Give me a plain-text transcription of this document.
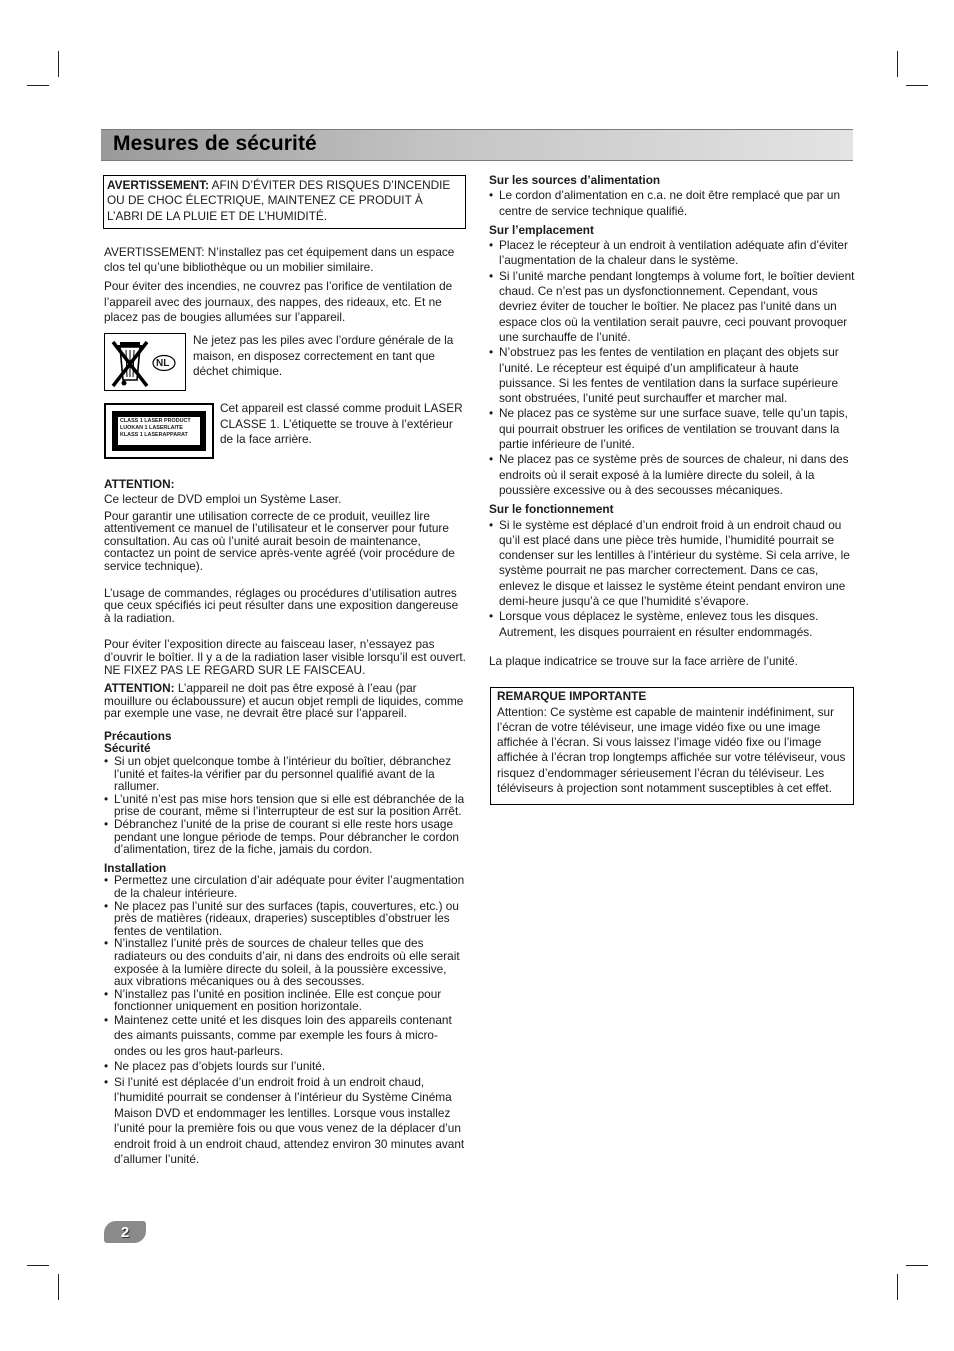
Mesures de sécurité
AVERTISSEMENT: AFIN D’ÉVITER DES RISQUES D’INCENDIE OU DE CHOC ÉLECTRIQUE, MAINTENEZ CE PRODUIT À L’ABRI DE LA PLUIE ET DE L’HUMIDITÉ.

AVERTISSEMENT: N’installez pas cet équipement dans un espace clos tel qu’une bibliothèque ou un mobilier similaire.

Pour éviter des incendies, ne couvrez pas l’orifice de ventilation de l’appareil avec des journaux, des nappes, des rideaux, etc. Et ne placez pas de bougies allumées sur l’appareil.

NL

Ne jetez pas les piles avec l’ordure générale de la maison, en disposez correctement en tant que déchet chimique.

CLASS 1 LASER PRODUCT
LUOKAN 1 LASERLAITE
KLASS 1 LASERAPPARAT

Cet appareil est classé comme produit LASER CLASSE 1. L’étiquette se trouve à l’extérieur de la face arrière.

ATTENTION:

Ce lecteur de DVD emploi un Système Laser.

Pour garantir une utilisation correcte de ce produit, veuillez lire attentivement ce manuel de l’utilisateur et le conserver pour future consultation. Au cas où l’unité aurait besoin de maintenance, contactez un point de service après-vente agréé (voir procédure de service technique).

L’usage de commandes, réglages ou procédures d’utilisation autres que ceux spécifiés ici peut résulter dans une exposition dangereuse à la radiation.

Pour éviter l’exposition directe au faisceau laser, n’essayez pas d’ouvrir le boîtier. Il y a de la radiation laser visible lorsqu’il est ouvert. NE FIXEZ PAS LE REGARD SUR LE FAISCEAU.

ATTENTION: L’appareil ne doit pas être exposé à l’eau (par mouillure ou éclaboussure) et aucun objet rempli de liquides, comme par exemple une vase, ne devrait être placé sur l’appareil.

Précautions

Sécurité

• Si un objet quelconque tombe à l’intérieur du boîtier, débranchez l’unité et faites-la vérifier par du personnel qualifié avant de la rallumer.
• L’unité n’est pas mise hors tension que si elle est débranchée de la prise de courant, même si l’interrupteur de est sur la position Arrêt.
• Débranchez l’unité de la prise de courant si elle reste hors usage pendant une longue période de temps. Pour débrancher le cordon d’alimentation, tirez de la fiche, jamais du cordon.

Installation

• Permettez une circulation d’air adéquate pour éviter l’augmentation de la chaleur intérieure.
• Ne placez pas l’unité sur des surfaces (tapis, couvertures, etc.) ou près de matières (rideaux, draperies) susceptibles d’obstruer les fentes de ventilation.
• N’installez l’unité près de sources de chaleur telles que des radiateurs ou des conduits d’air, ni dans des endroits où elle serait exposée à la lumière directe du soleil, à la poussière excessive, aux vibrations mécaniques ou à des secousses.
• N’installez pas l’unité en position inclinée. Elle est conçue pour fonctionner uniquement en position horizontale.
• Maintenez cette unité et les disques loin des appareils contenant des aimants puissants, comme par exemple les fours à micro-ondes ou les gros haut-parleurs.
• Ne placez pas d’objets lourds sur l’unité.
• Si l’unité est déplacée d’un endroit froid à un endroit chaud, l’humidité pourrait se condenser à l’intérieur du Système Cinéma Maison DVD et endommager les lentilles. Lorsque vous installez l’unité pour la première fois ou que vous venez de la déplacer d’un endroit froid à un endroit chaud, attendez environ 30 minutes avant d’allumer l’unité.

Sur les sources d’alimentation

• Le cordon d’alimentation en c.a. ne doit être remplacé que par un centre de service technique qualifié.

Sur l’emplacement

• Placez le récepteur à un endroit à ventilation adéquate afin d’éviter l’augmentation de la chaleur dans le système.
• Si l’unité marche pendant longtemps à volume fort, le boîtier devient chaud. Ce n’est pas un dysfonctionnement. Cependant, vous devriez éviter de toucher le boîtier. Ne placez pas l’unité dans un espace clos où la ventilation serait pauvre, ceci pouvant provoquer une surchauffe de l’unité.
• N’obstruez pas les fentes de ventilation en plaçant des objets sur l’unité. Le récepteur est équipé d’un amplificateur à haute puissance. Si les fentes de ventilation dans la surface supérieure sont obstruées, l’unité peut surchauffer et marcher mal.
• Ne placez pas ce système sur une surface suave, telle qu’un tapis, qui pourrait obstruer les orifices de ventilation se trouvant dans la partie inférieure de l’unité.
• Ne placez pas ce système près de sources de chaleur, ni dans des endroits où il serait exposé à la lumière directe du soleil, à la poussière excessive ou à des secousses mécaniques.

Sur le fonctionnement

• Si le système est déplacé d’un endroit froid à un endroit chaud ou qu’il est placé dans une pièce très humide, l’humidité pourrait se condenser sur les lentilles à l’intérieur du système. Si cela arrive, le système pourrait ne pas marcher correctement. Dans ce cas, enlevez le disque et laissez le système éteint pendant environ une demi-heure jusqu’à ce que l’humidité s’évapore.
• Lorsque vous déplacez le système, enlevez tous les disques. Autrement, les disques pourraient en résulter endommagés.

La plaque indicatrice se trouve sur la face arrière de l’unité.

REMARQUE IMPORTANTE

Attention: Ce système est capable de maintenir indéfiniment, sur l’écran de votre téléviseur, une image vidéo fixe ou une image affichée à l’écran. Si vous laissez l’image vidéo fixe ou l’image affichée à l’écran trop longtemps affichée sur votre téléviseur, vous risquez d’endommager sérieusement l’écran du téléviseur. Les téléviseurs à projection sont notamment susceptibles à cet effet.

2
